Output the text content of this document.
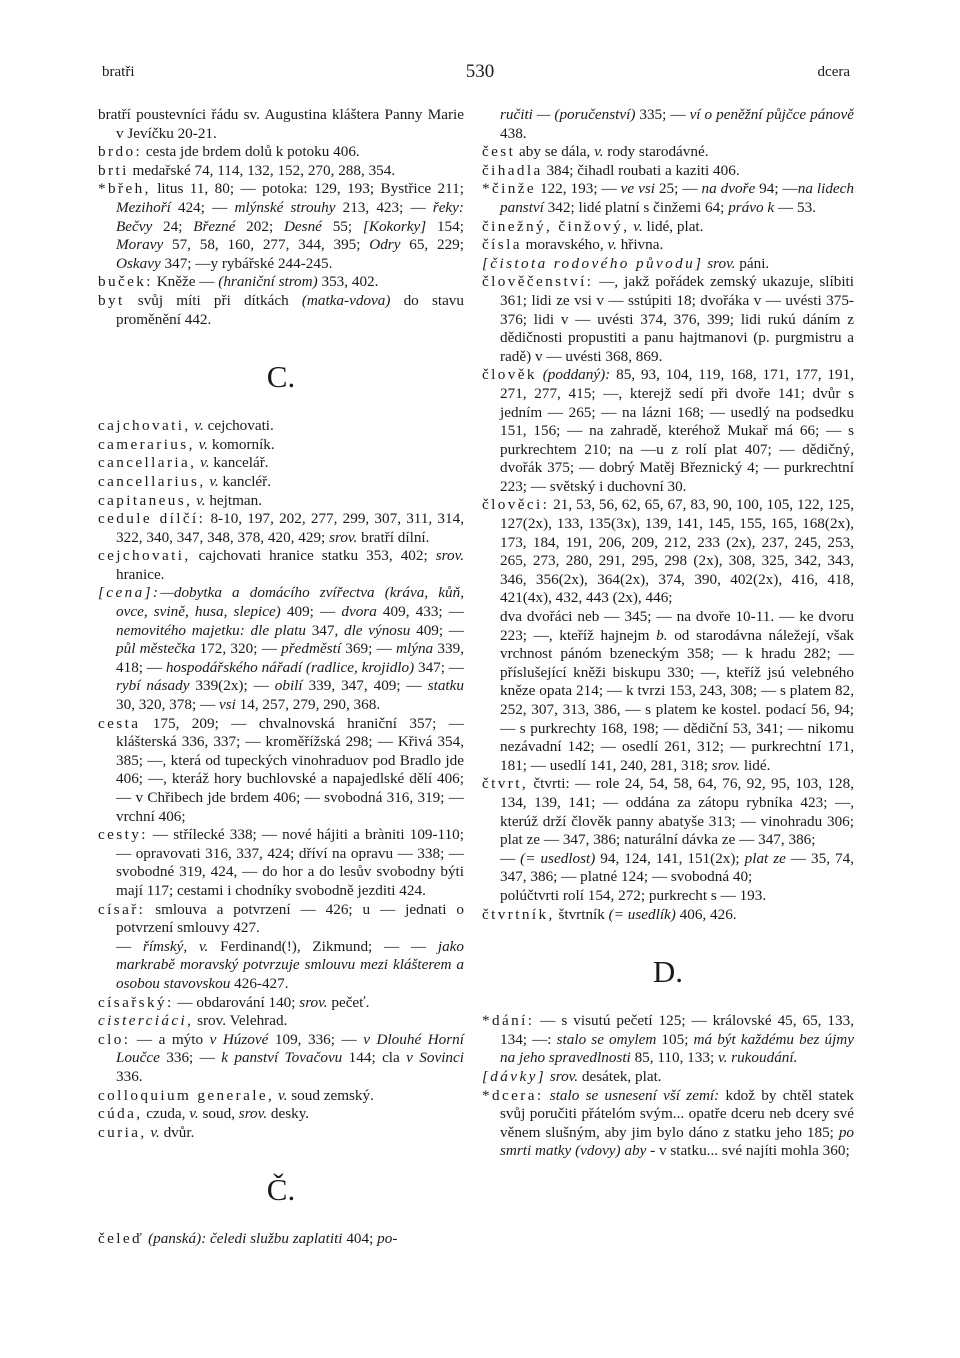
bratři	530	dcera

bratří poustevníci řádu sv. Augustina kláštera Panny Marie v Jevíčku 20-21.

brdo: cesta jde brdem dolů k potoku 406.

brti medařské 74, 114, 132, 152, 270, 288, 354.

*břeh, litus 11, 80; — potoka: 129, 193; Bystřice 211; Mezihoří 424; — mlýnské strouhy 213, 423; — řeky: Bečvy 24; Březné 202; Desné 55; [Kokorky] 154; Moravy 57, 58, 160, 277, 344, 395; Odry 65, 229; Oskavy 347; —y rybářské 244-245.

buček: Kněže — (hraniční strom) 353, 402.

byt svůj míti při dítkách (matka-vdova) do stavu proměnění 442.

C.

cajchovati, v. cejchovati.

camerarius, v. komorník.

cancellaria, v. kancelář.

cancellarius, v. kancléř.

capitaneus, v. hejtman.

cedule dílčí: 8-10, 197, 202, 277, 299, 307, 311, 314, 322, 340, 347, 348, 378, 420, 429; srov. bratří dílní.

cejchovati, cajchovati hranice statku 353, 402; srov. hranice.

[cena]:—dobytka a domácího zvířectva (kráva, kůň, ovce, svině, husa, slepice) 409; — dvora 409, 433; — nemovitého majetku: dle platu 347, dle výnosu 409; — půl městečka 172, 320; — předměstí 369; — mlýna 339, 418; — hospodářského nářadí (radlice, krojidlo) 347; — rybí násady 339(2x); — obilí 339, 347, 409; — statku 30, 320, 378; — vsi 14, 257, 279, 290, 368.

cesta 175, 209; — chvalnovská hraniční 357; — klášterská 336, 337; — kroměřížská 298; — Křivá 354, 385; —, která od tupeckých vinohraduov pod Bradlo jde 406; —, kteráž hory buchlovské a napajedlské dělí 406; — v Chřibech jde brdem 406; — svobodná 316, 319; — vrchní 406;

cesty: — střílecké 338; — nové hájiti a bràniti 109-110; — opravovati 316, 337, 424; dříví na opravu — 338; — svobodné 319, 424, — do hor a do lesův svobodny býti mají 117; cestami i chodníky svobodně jezditi 424.

císař: smlouva a potvrzení — 426; u — jednati o potvrzení smlouvy 427.

— římský, v. Ferdinand(!), Zikmund; — — jako markrabě moravský potvrzuje smlouvu mezi klášterem a osobou stavovskou 426-427.

císařský: — obdarování 140; srov. pečeť.

cisterciáci, srov. Velehrad.

clo: — a mýto v Húzové 109, 336; — v Dlouhé Horní Loučce 336; — k panství Tovačovu 144; cla v Sovinci 336.

colloquium generale, v. soud zemský.

cúda, czuda, v. soud, srov. desky.

curia, v. dvůr.

Č.

čeleď (panská): čeledi službu zaplatiti 404; po-

ručiti — (poručenství) 335; — ví o peněžní půjčce pánově 438.

čest aby se dála, v. rody starodávné.

čihadla 384; čihadl roubati a kaziti 406.

*činže 122, 193; — ve vsi 25; — na dvoře 94; —na lidech panství 342; lidé platní s činžemi 64; právo k — 53.

činežný, činžový, v. lidé, plat.

čísla moravského, v. hřivna.

[čistota rodového původu] srov. páni.

člověčenství: —, jakž pořádek zemský ukazuje, slíbiti 361; lidi ze vsi v — sstúpiti 18; dvořáka v — uvésti 375-376; lidi v — uvésti 374, 376, 399; lidi rukú dáním z dědičnosti propustiti a panu hajtmanovi (p. purgmistru a radě) v — uvésti 368, 869.

člověk (poddaný): 85, 93, 104, 119, 168, 171, 177, 191, 271, 277, 415; —, kterejž sedí při dvoře 141; dvůr s jedním — 265; — na lázni 168; — usedlý na podsedku 151, 156; — na zahradě, kteréhož Mukař má 66; — s purkrechtem 210; na —u z rolí plat 407; — dědičný, dvořák 375; — dobrý Matěj Březnický 4; — purkrechtní 223; — světský i duchovní 30.

člověci: 21, 53, 56, 62, 65, 67, 83, 90, 100, 105, 122, 125, 127(2x), 133, 135(3x), 139, 141, 145, 155, 165, 168(2x), 173, 184, 191, 206, 209, 212, 233 (2x), 237, 245, 253, 265, 273, 280, 291, 295, 298 (2x), 308, 325, 342, 343, 346, 356(2x), 364(2x), 374, 390, 402(2x), 416, 418, 421(4x), 432, 443 (2x), 446;

dva dvořáci neb — 345; — na dvoře 10-11. — ke dvoru 223; —, kteříž hajnejm b. od starodávna náležejí, však vrchnost pánóm bzeneckým 358; — k hradu 282; — příslušející kněži biskupu 330; —, kteříž jsú velebného kněze opata 214; — k tvrzi 153, 243, 308; — s platem 82, 252, 307, 313, 386, — s platem ke kostel. podací 56, 94; — s purkrechty 168, 198; — dědiční 53, 341; — nikomu nezávadní 142; — osedlí 261, 312; — purkrechtní 171, 181; — usedlí 141, 240, 281, 318; srov. lidé.

čtvrt, čtvrti: — role 24, 54, 58, 64, 76, 92, 95, 103, 128, 134, 139, 141; — oddána za zátopu rybníka 423; —, kterúž drží člověk panny abatyše 313; — vinohradu 306; plat ze — 347, 386; naturální dávka ze — 347, 386;

— (= usedlost) 94, 124, 141, 151(2x); plat ze — 35, 74, 347, 386; — platné 124; — svobodná 40;

polúčtvrti rolí 154, 272; purkrecht s — 193.

čtvrtník, štvrtník (= usedlík) 406, 426.

D.

*dání: — s visutú pečetí 125; — královské 45, 65, 133, 134; —: stalo se omylem 105; má být každému bez újmy na jeho spravedlnosti 85, 110, 133; v. rukoudání.

[dávky] srov. desátek, plat.

*dcera: stalo se usnesení vší zemí: kdož by chtěl statek svůj poručiti přátelóm svým... opatře dceru neb dcery své věnem slušným, aby jim bylo dáno z statku jeho 185; po smrti matky (vdovy) aby - v statku... své najíti mohla 360;
